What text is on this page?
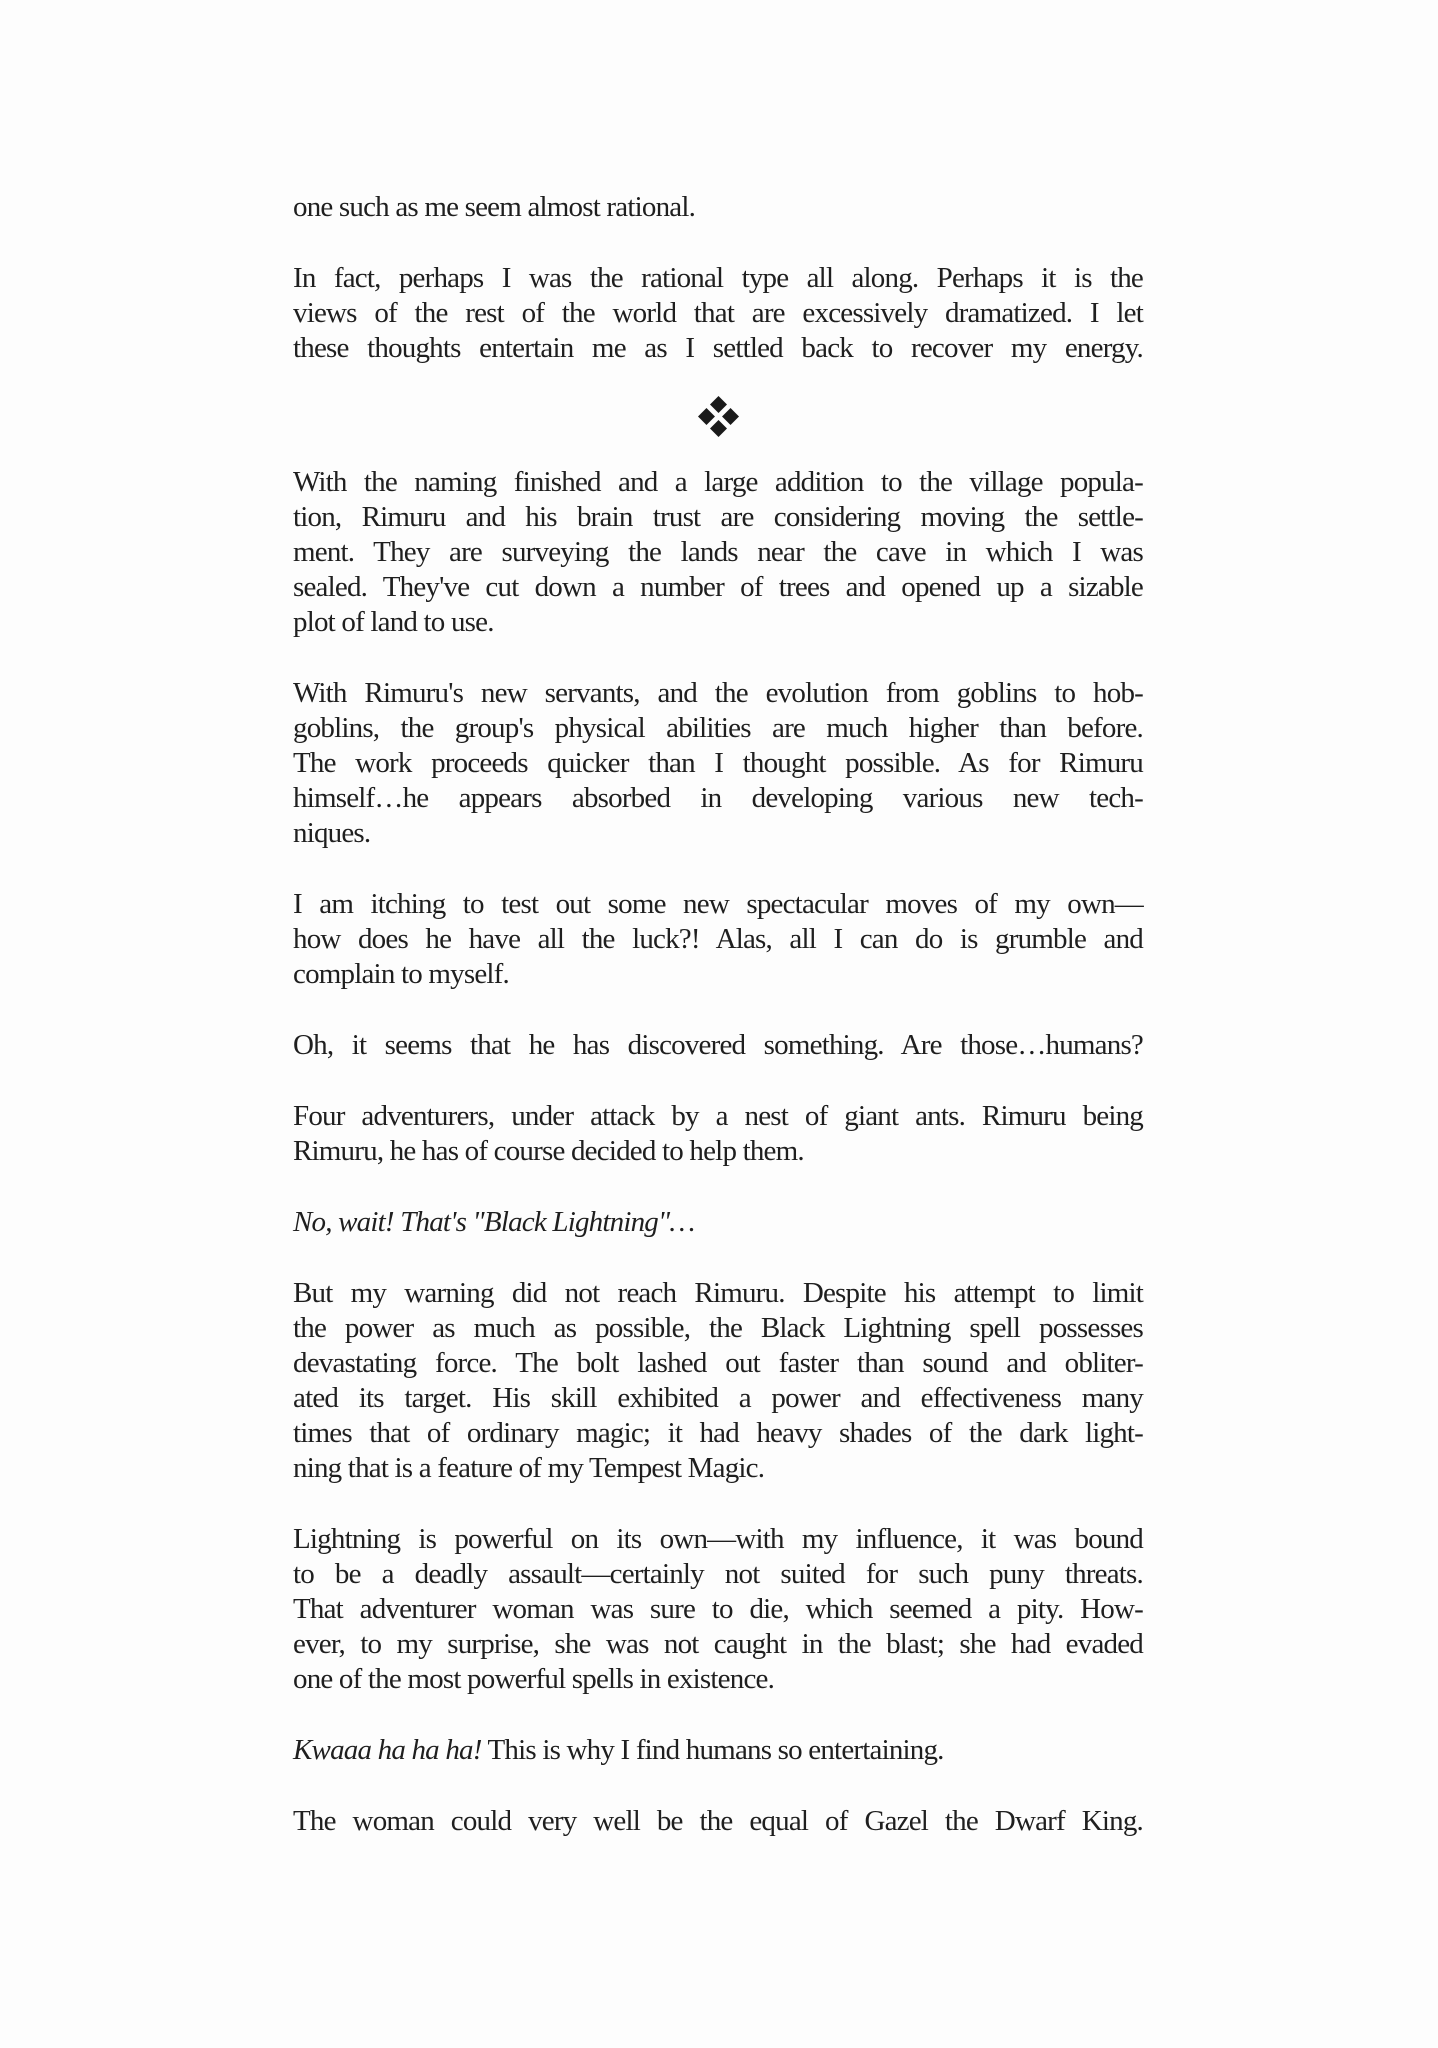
one such as me seem almost rational.
In fact, perhaps I was the rational type all along. Perhaps it is the
views of the rest of the world that are excessively dramatized. I let
these thoughts entertain me as I settled back to recover my energy.
With the naming finished and a large addition to the village popula-
tion, Rimuru and his brain trust are considering moving the settle-
ment. They are surveying the lands near the cave in which I was
sealed. They've cut down a number of trees and opened up a sizable
plot of land to use.
With Rimuru's new servants, and the evolution from goblins to hob-
goblins, the group's physical abilities are much higher than before.
The work proceeds quicker than I thought possible. As for Rimuru
himself…he appears absorbed in developing various new tech-
niques.
I am itching to test out some new spectacular moves of my own—
how does he have all the luck?! Alas, all I can do is grumble and
complain to myself.
Oh, it seems that he has discovered something. Are those…humans?
Four adventurers, under attack by a nest of giant ants. Rimuru being
Rimuru, he has of course decided to help them.
No, wait! That's "Black Lightning"…
But my warning did not reach Rimuru. Despite his attempt to limit
the power as much as possible, the Black Lightning spell possesses
devastating force. The bolt lashed out faster than sound and obliter-
ated its target. His skill exhibited a power and effectiveness many
times that of ordinary magic; it had heavy shades of the dark light-
ning that is a feature of my Tempest Magic.
Lightning is powerful on its own—with my influence, it was bound
to be a deadly assault—certainly not suited for such puny threats.
That adventurer woman was sure to die, which seemed a pity. How-
ever, to my surprise, she was not caught in the blast; she had evaded
one of the most powerful spells in existence.
Kwaaa ha ha ha! This is why I find humans so entertaining.
The woman could very well be the equal of Gazel the Dwarf King.
